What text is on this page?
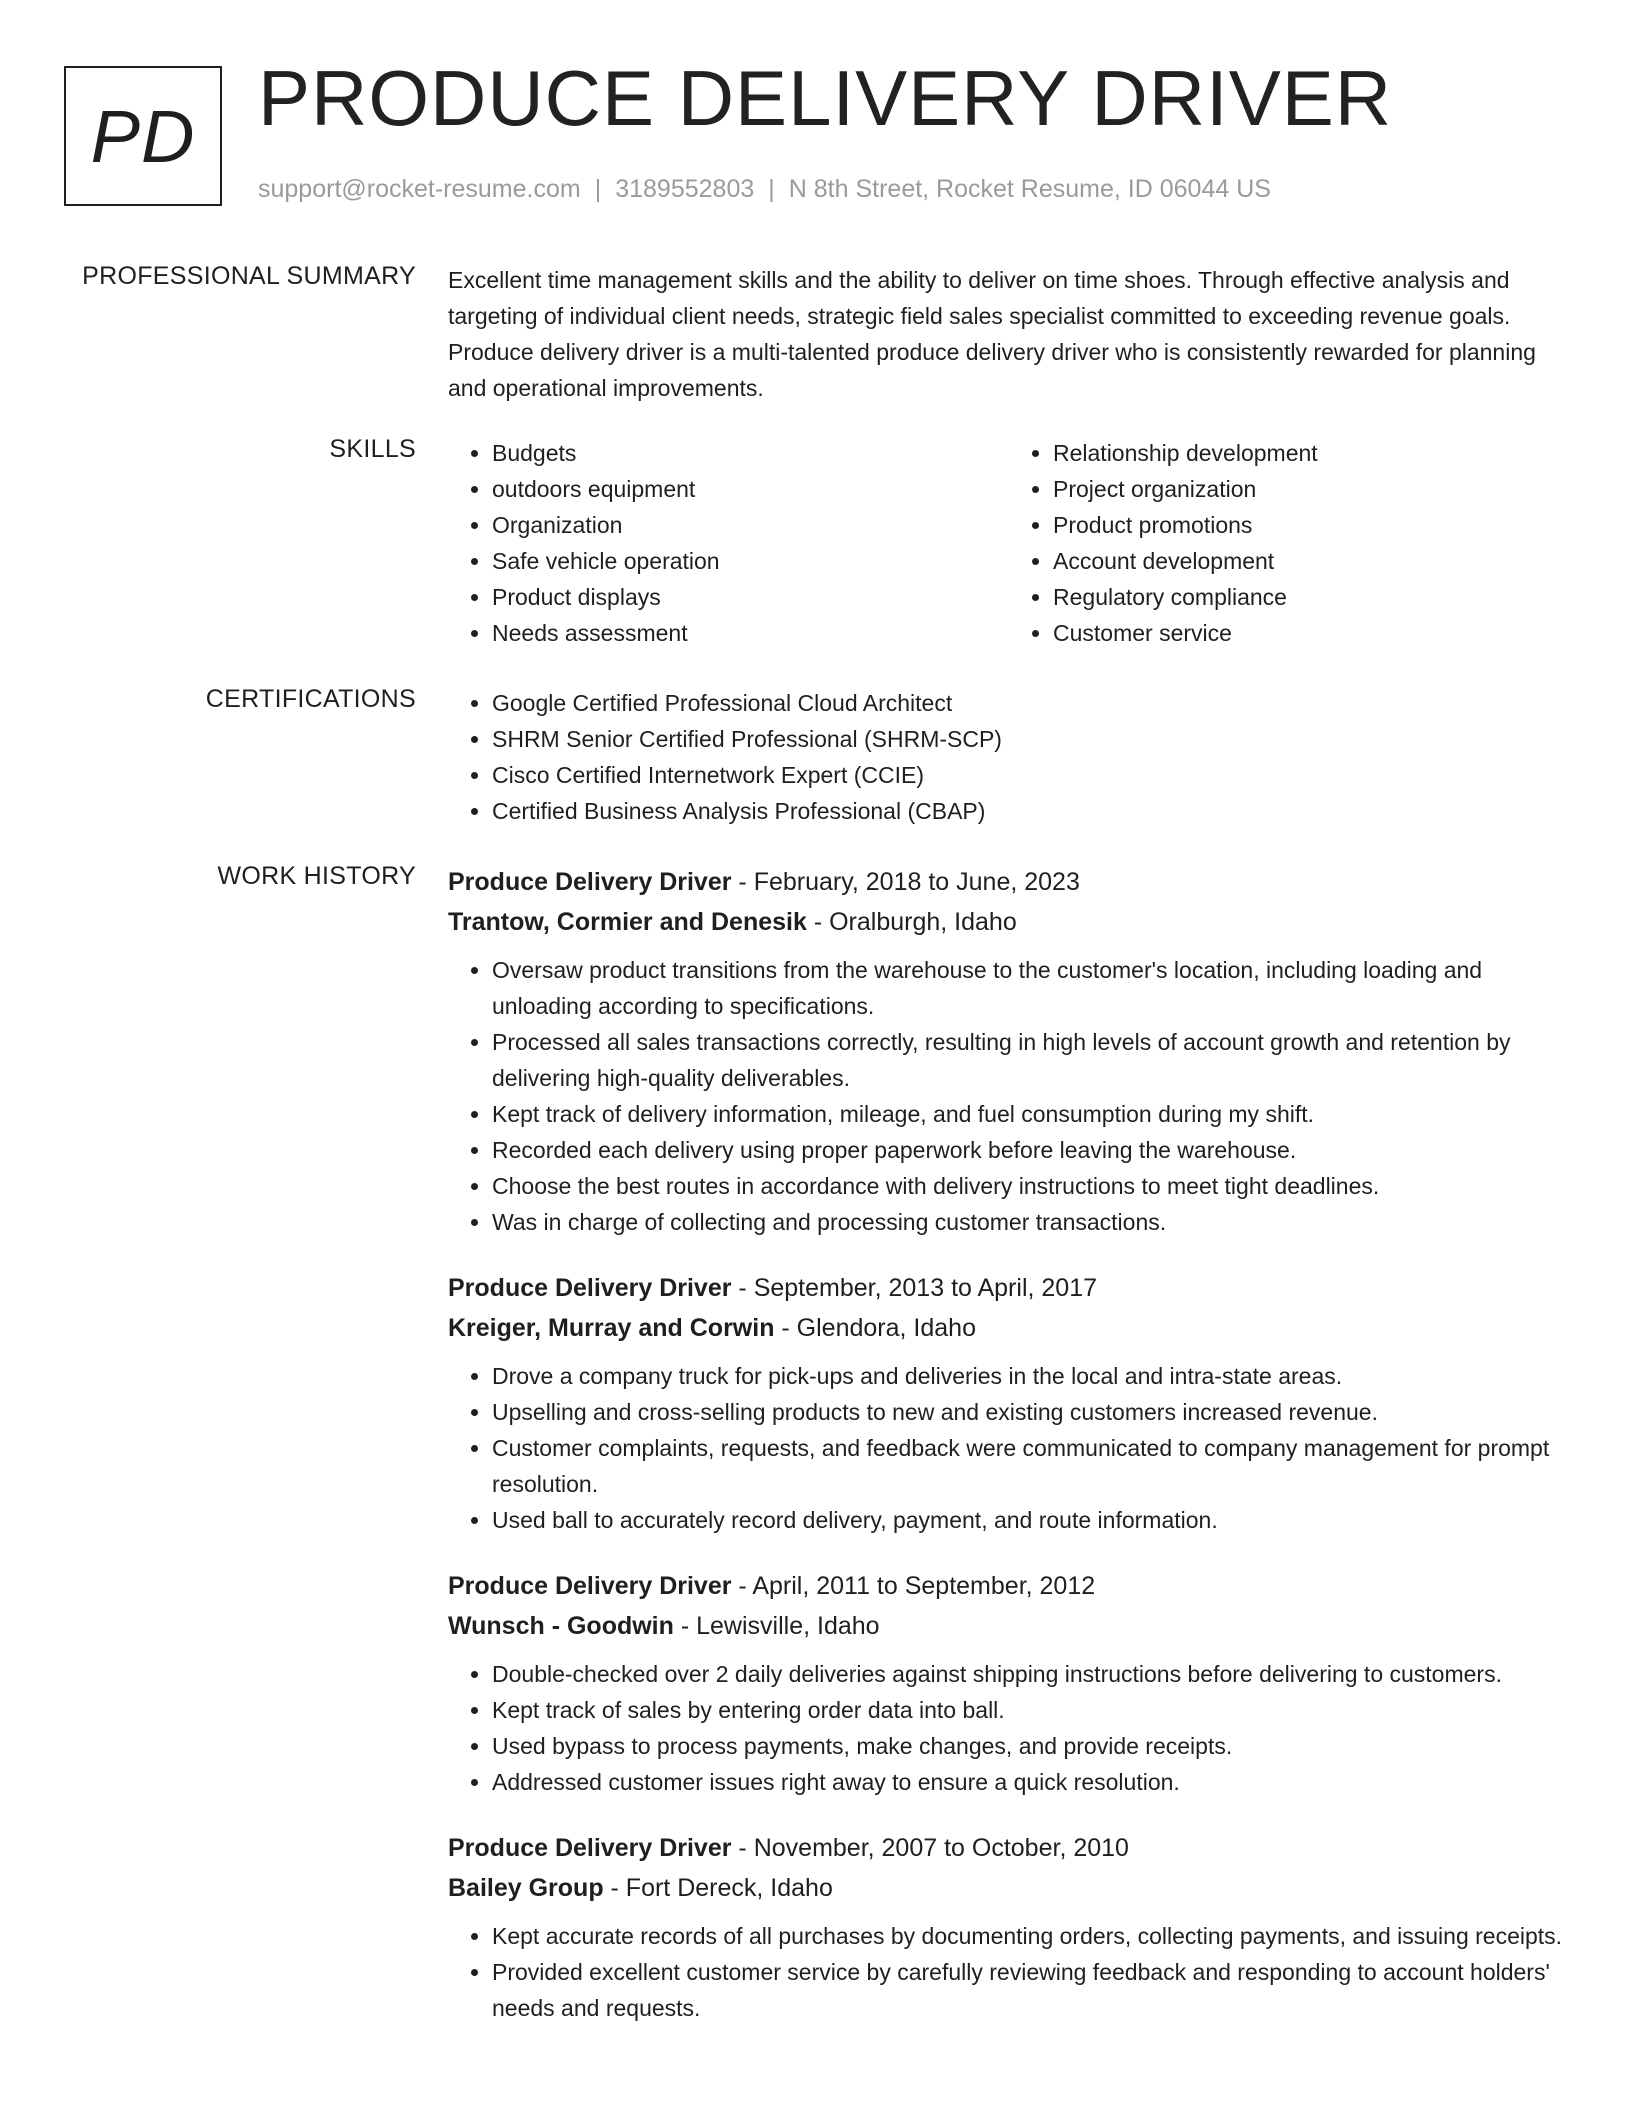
PD PRODUCE DELIVERY DRIVER
support@rocket-resume.com | 3189552803 | N 8th Street, Rocket Resume, ID 06044 US
PROFESSIONAL SUMMARY Excellent time management skills and the ability to deliver on time shoes. Through effective analysis and targeting of individual client needs, strategic field sales specialist committed to exceeding revenue goals. Produce delivery driver is a multi-talented produce delivery driver who is consistently rewarded for planning and operational improvements.
SKILLS	• Budgets
• outdoors equipment
• Organization
• Safe vehicle operation
• Product displays
• Needs assessment
• Relationship development
• Project organization
• Product promotions
• Account development
• Regulatory compliance
• Customer service
CERTIFICATIONS	• Google Certified Professional Cloud Architect
• SHRM Senior Certified Professional (SHRM-SCP)
• Cisco Certified Internetwork Expert (CCIE)
• Certified Business Analysis Professional (CBAP)
WORK HISTORY Produce Delivery Driver - February, 2018 to June, 2023
Trantow, Cormier and Denesik - Oralburgh, Idaho
• Oversaw product transitions from the warehouse to the customer's location, including loading and unloading according to specifications.
• Processed all sales transactions correctly, resulting in high levels of account growth and retention by delivering high-quality deliverables.
• Kept track of delivery information, mileage, and fuel consumption during my shift.
• Recorded each delivery using proper paperwork before leaving the warehouse.
• Choose the best routes in accordance with delivery instructions to meet tight deadlines.
• Was in charge of collecting and processing customer transactions.
Produce Delivery Driver - September, 2013 to April, 2017
Kreiger, Murray and Corwin - Glendora, Idaho
• Drove a company truck for pick-ups and deliveries in the local and intra-state areas.
• Upselling and cross-selling products to new and existing customers increased revenue.
• Customer complaints, requests, and feedback were communicated to company management for prompt resolution.
• Used ball to accurately record delivery, payment, and route information.
Produce Delivery Driver - April, 2011 to September, 2012
Wunsch - Goodwin - Lewisville, Idaho
• Double-checked over 2 daily deliveries against shipping instructions before delivering to customers.
• Kept track of sales by entering order data into ball.
• Used bypass to process payments, make changes, and provide receipts.
• Addressed customer issues right away to ensure a quick resolution.
Produce Delivery Driver - November, 2007 to October, 2010
Bailey Group - Fort Dereck, Idaho
• Kept accurate records of all purchases by documenting orders, collecting payments, and issuing receipts.
• Provided excellent customer service by carefully reviewing feedback and responding to account holders' needs and requests.
